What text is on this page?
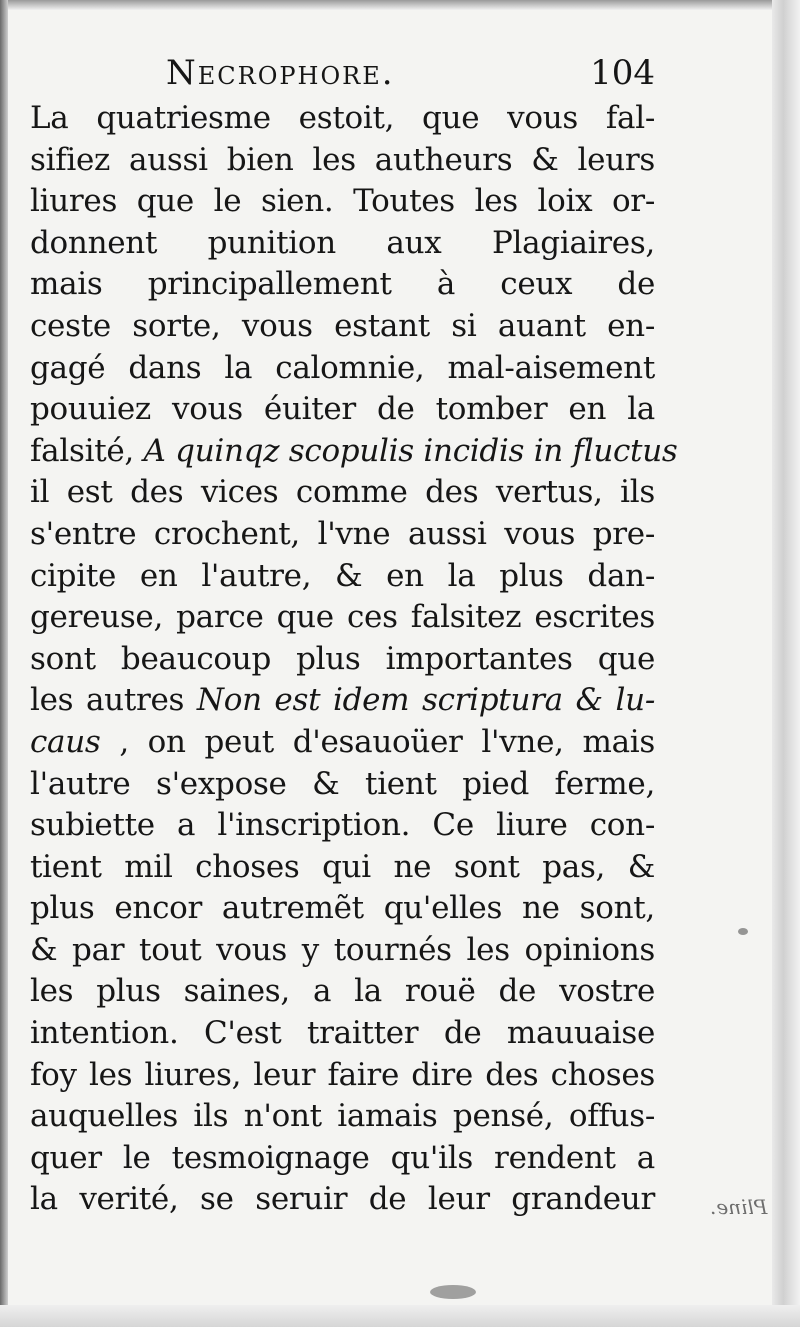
Necrophore.	104
La quatriesme estoit, que vous fal-
sifiez aussi bien les autheurs & leurs
liures que le sien. Toutes les loix or-
donnent punition aux Plagiaires,
mais principallement à ceux de
ceste sorte, vous estant si auant en-
gagé dans la calomnie, mal-aisement
pouuiez vous éuiter de tomber en la
falsité, A quinqz scopulis incidis in fluctus
il est des vices comme des vertus, ils
s'entre crochent, l'vne aussi vous pre-
cipite en l'autre, & en la plus dan-
gereuse, parce que ces falsitez escrites
sont beaucoup plus importantes que
les autres Non est idem scriptura & lu-
caus , on peut d'esauoüer l'vne, mais
l'autre s'expose & tient pied ferme,
subiette a l'inscription. Ce liure con-
tient mil choses qui ne sont pas, &
plus encor autremẽt qu'elles ne sont,
& par tout vous y tournés les opinions
les plus saines, a la rouë de vostre
intention. C'est traitter de mauuaise
foy les liures, leur faire dire des choses
auquelles ils n'ont iamais pensé, offus-
quer le tesmoignage qu'ils rendent a
la verité, se seruir de leur grandeur	Pline.
